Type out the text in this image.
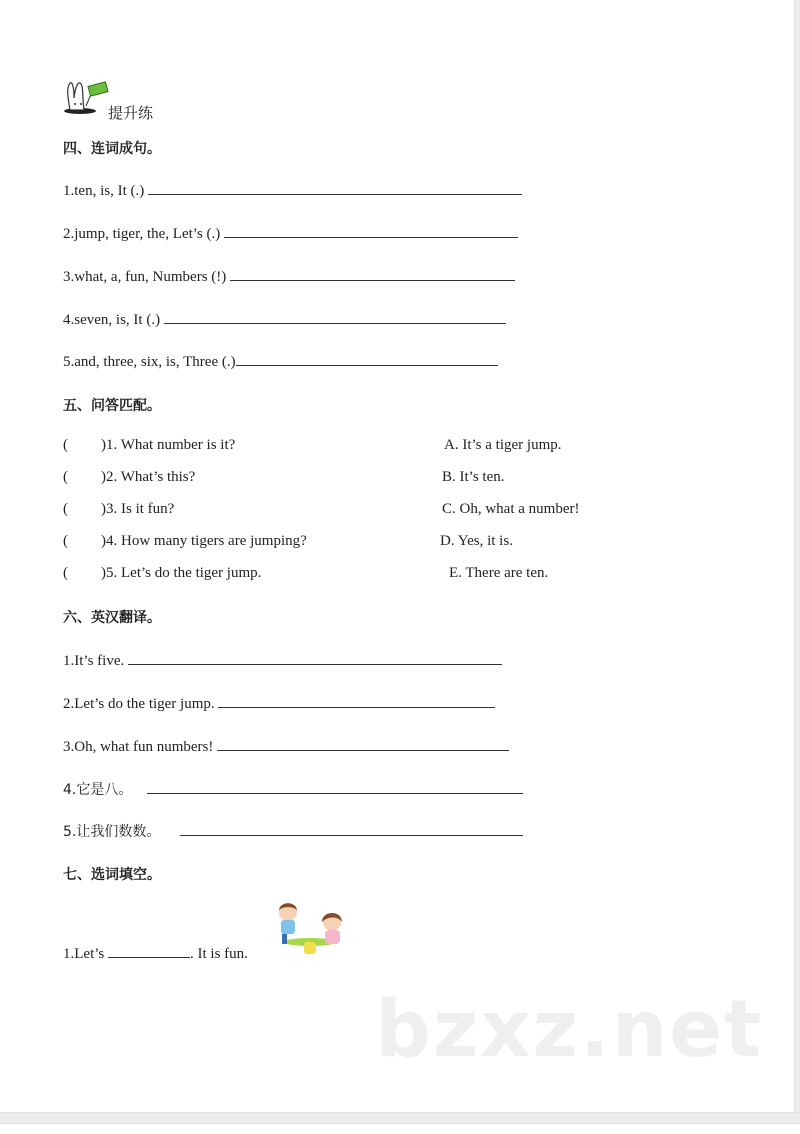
提升练
四、连词成句。
1.ten, is, It (.)
2.jump, tiger, the, Let’s (.)
3.what, a, fun, Numbers (!)
4.seven, is, It (.)
5.and, three, six, is, Three (.)
五、问答匹配。
( )1. What number is it?
( )2. What’s this?
( )3. Is it fun?
( )4. How many tigers are jumping?
( )5. Let’s do the tiger jump.
A. It’s a tiger jump.
B. It’s ten.
C. Oh, what a number!
D. Yes, it is.
E. There are ten.
六、英汉翻译。
1.It’s five.
2.Let’s do the tiger jump.
3.Oh, what fun numbers!
4.它是八。
5.让我们数数。
七、选词填空。
1.Let’s	. It is fun.
bzxz.net
